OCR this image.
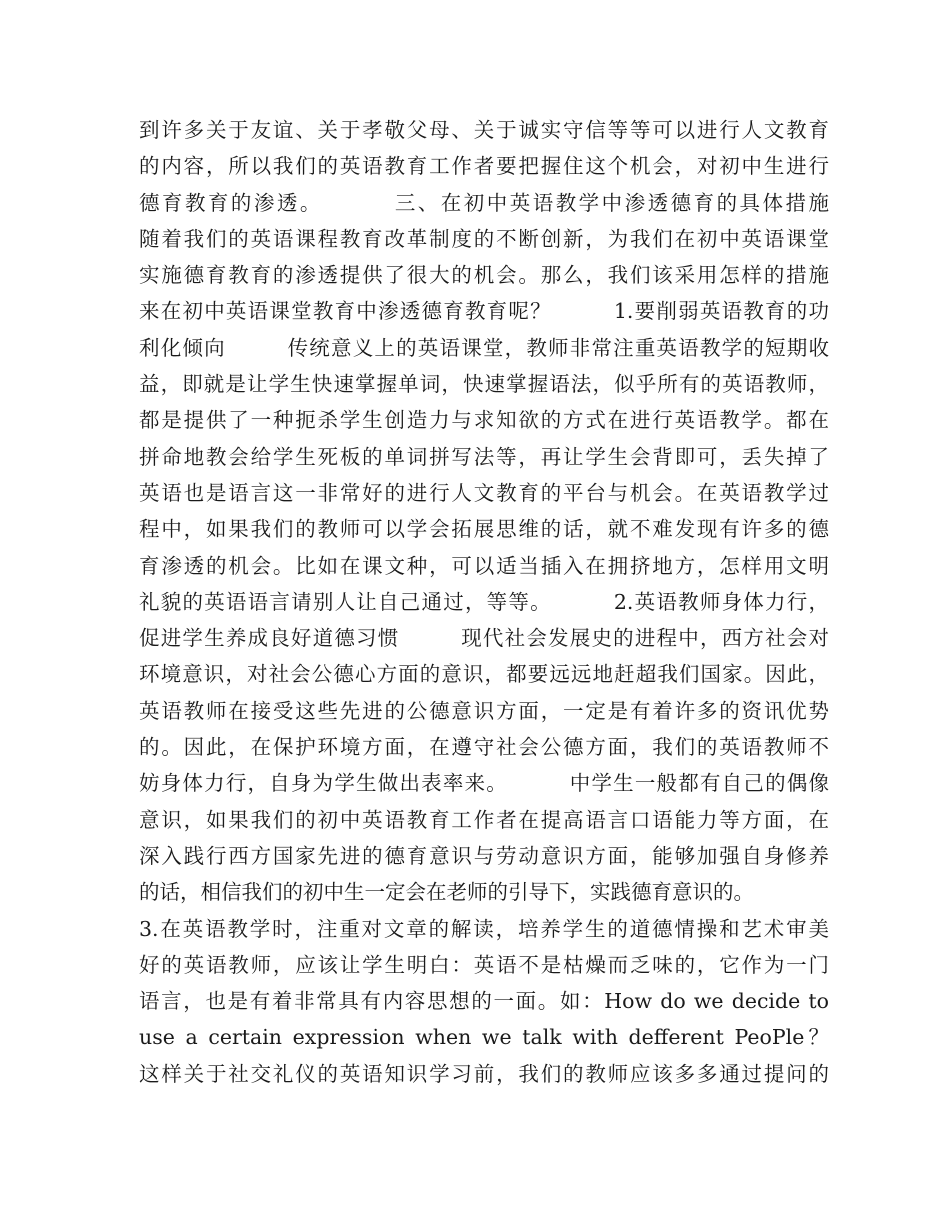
到许多关于友谊、关于孝敬父母、关于诚实守信等等可以进行人文教育
的内容，所以我们的英语教育工作者要把握住这个机会，对初中生进行
德育教育的渗透。        三、在初中英语教学中渗透德育的具体措施
随着我们的英语课程教育改革制度的不断创新，为我们在初中英语课堂
实施德育教育的渗透提供了很大的机会。那么，我们该采用怎样的措施
来在初中英语课堂教育中渗透德育教育呢？        1.要削弱英语教育的功
利化倾向        传统意义上的英语课堂，教师非常注重英语教学的短期收
益，即就是让学生快速掌握单词，快速掌握语法，似乎所有的英语教师，
都是提供了一种扼杀学生创造力与求知欲的方式在进行英语教学。都在
拼命地教会给学生死板的单词拼写法等，再让学生会背即可，丢失掉了
英语也是语言这一非常好的进行人文教育的平台与机会。在英语教学过
程中，如果我们的教师可以学会拓展思维的话，就不难发现有许多的德
育渗透的机会。比如在课文种，可以适当插入在拥挤地方，怎样用文明
礼貌的英语语言请别人让自己通过，等等。        2.英语教师身体力行，
促进学生养成良好道德习惯        现代社会发展史的进程中，西方社会对
环境意识，对社会公德心方面的意识，都要远远地赶超我们国家。因此，
英语教师在接受这些先进的公德意识方面，一定是有着许多的资讯优势
的。因此，在保护环境方面，在遵守社会公德方面，我们的英语教师不
妨身体力行，自身为学生做出表率来。        中学生一般都有自己的偶像
意识，如果我们的初中英语教育工作者在提高语言口语能力等方面，在
深入践行西方国家先进的德育意识与劳动意识方面，能够加强自身修养
的话，相信我们的初中生一定会在老师的引导下，实践德育意识的。
3.在英语教学时，注重对文章的解读，培养学生的道德情操和艺术审美
好的英语教师，应该让学生明白：英语不是枯燥而乏味的，它作为一门
语言，也是有着非常具有内容思想的一面。如：How do we decide to
use a certain expression when we talk with defferent PeoPle？
这样关于社交礼仪的英语知识学习前，我们的教师应该多多通过提问的
